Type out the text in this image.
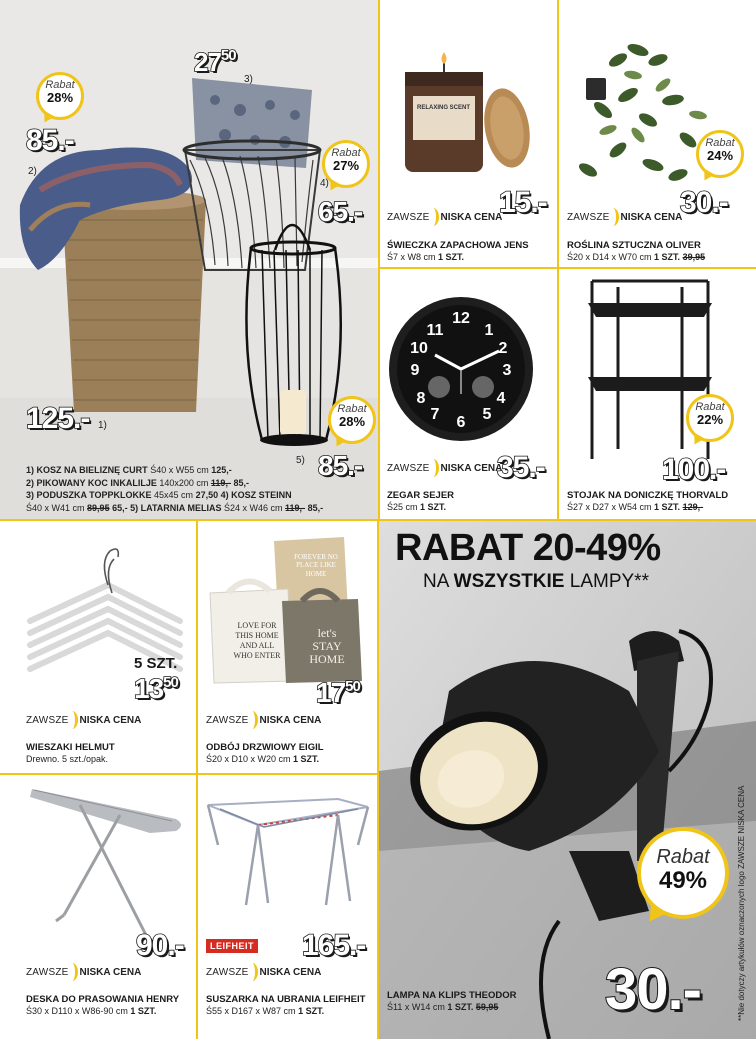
Rabat
28%
85.-
2)
$27^{50}$
3)
Rabat
27%
4)
65.-
125.- 1)
Rabat
28%
5) 85.-
1) KOSZ NA BIELIZNĘ CURT Ś40 x W55 cm 125,-
2) PIKOWANY KOC INKALILJE 140x200 cm 119,- 85,-
3) PODUSZKA TOPPKLOKKE 45x45 cm 27,50 4) KOSZ STEINN
Ś40 x W41 cm 89,95 65,- 5) LATARNIA MELIAS Ś24 x W46 cm 119,- 85,-
RELAXING SCENT
15.-
ZAWSZE NISKA CENA
ŚWIECZKA ZAPACHOWA JENS
Ś7 x W8 cm 1 SZT.
Rabat
24%
30.-
ZAWSZE NISKA CENA
ROŚLINA SZTUCZNA OLIVER
Ś20 x D14 x W70 cm 1 SZT. 39,95
12
3
6
9
1
2
4
5
7
8
10
11
35.-
ZAWSZE NISKA CENA
ZEGAR SEJER
Ś25 cm 1 SZT.
Rabat
22%
100.-
STOJAK NA DONICZKĘ THORVALD
Ś27 x D27 x W54 cm 1 SZT. 129,-
5 SZT.
$13^{50}$
ZAWSZE NISKA CENA
WIESZAKI HELMUT
Drewno. 5 szt./opak.
LOVE FOR THIS HOME AND ALL WHO ENTER
let's STAY HOME
FOREVER NO PLACE LIKE HOME
$17^{50}$
ZAWSZE NISKA CENA
ODBÓJ DRZWIOWY EIGIL
Ś20 x D10 x W20 cm 1 SZT.
90.-
ZAWSZE NISKA CENA
DESKA DO PRASOWANIA HENRY
Ś30 x D110 x W86-90 cm 1 SZT.
LEIFHEIT 165.-
ZAWSZE NISKA CENA
SUSZARKA NA UBRANIA LEIFHEIT
Ś55 x D167 x W87 cm 1 SZT.
RABAT 20-49%
NA WSZYSTKIE LAMPY**
Rabat
49%	**Nie dotyczy artykułów oznaczonych logo ZAWSZE NISKA CENA
30.-
LAMPA NA KLIPS THEODOR
Ś11 x W14 cm 1 SZT. 59,95
